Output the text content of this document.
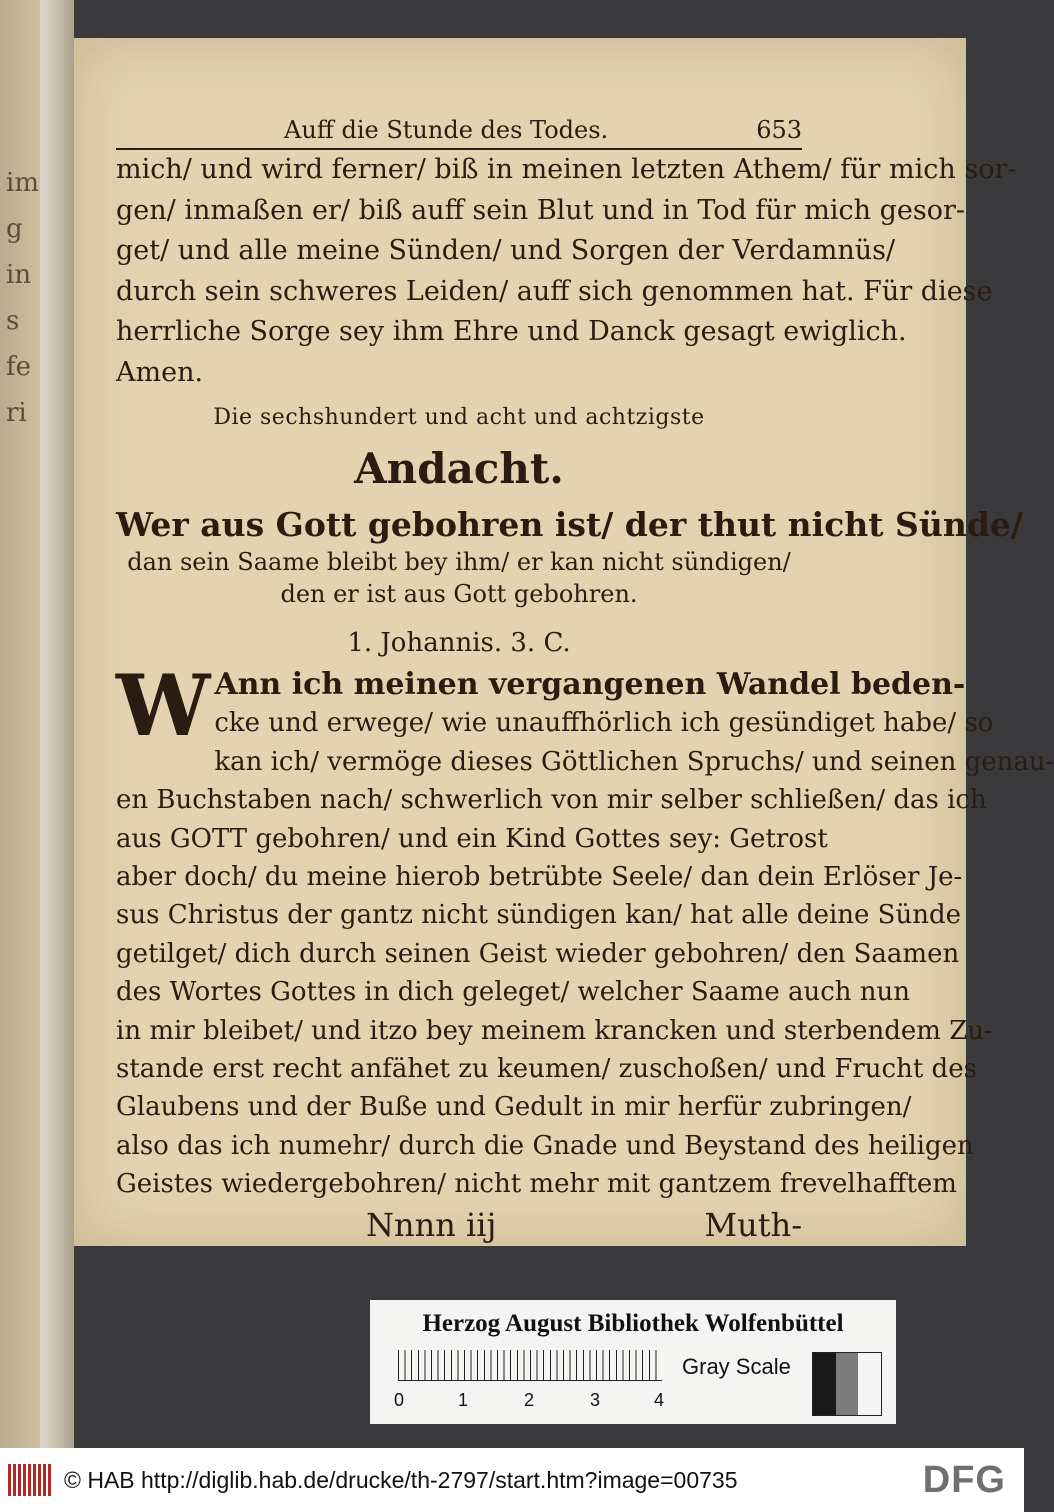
im
g
in
s
fe
ri
Auff die Stunde des Todes.	653
mich/ und wird ferner/ biß in meinen letzten Athem/ für mich sor-
gen/ inmaßen er/ biß auff sein Blut und in Tod für mich gesor-
get/ und alle meine Sünden/ und Sorgen der Verdamnüs/
durch sein schweres Leiden/ auff sich genommen hat. Für diese
herrliche Sorge sey ihm Ehre und Danck gesagt ewiglich.
Amen.
Die sechshundert und acht und achtzigste
Andacht.
Wer aus Gott gebohren ist/ der thut nicht Sünde/
dan sein Saame bleibt bey ihm/ er kan nicht sündigen/
den er ist aus Gott gebohren.
1. Johannis. 3. C.
W Ann ich meinen vergangenen Wandel beden-
cke und erwege/ wie unauffhörlich ich gesündiget habe/ so
kan ich/ vermöge dieses Göttlichen Spruchs/ und seinen genau-
en Buchstaben nach/ schwerlich von mir selber schließen/ das ich
aus GOTT gebohren/ und ein Kind Gottes sey: Getrost
aber doch/ du meine hierob betrübte Seele/ dan dein Erlöser Je-
sus Christus der gantz nicht sündigen kan/ hat alle deine Sünde
getilget/ dich durch seinen Geist wieder gebohren/ den Saamen
des Wortes Gottes in dich geleget/ welcher Saame auch nun
in mir bleibet/ und itzo bey meinem krancken und sterbendem Zu-
stande erst recht anfähet zu keumen/ zuschoßen/ und Frucht des
Glaubens und der Buße und Gedult in mir herfür zubringen/
also das ich numehr/ durch die Gnade und Beystand des heiligen
Geistes wiedergebohren/ nicht mehr mit gantzem frevelhafftem
Nnnn iij	Muth-
Herzog August Bibliothek Wolfenbüttel
0	1	2	3	4
Gray Scale
© HAB http://diglib.hab.de/drucke/th-2797/start.htm?image=00735	DFG
